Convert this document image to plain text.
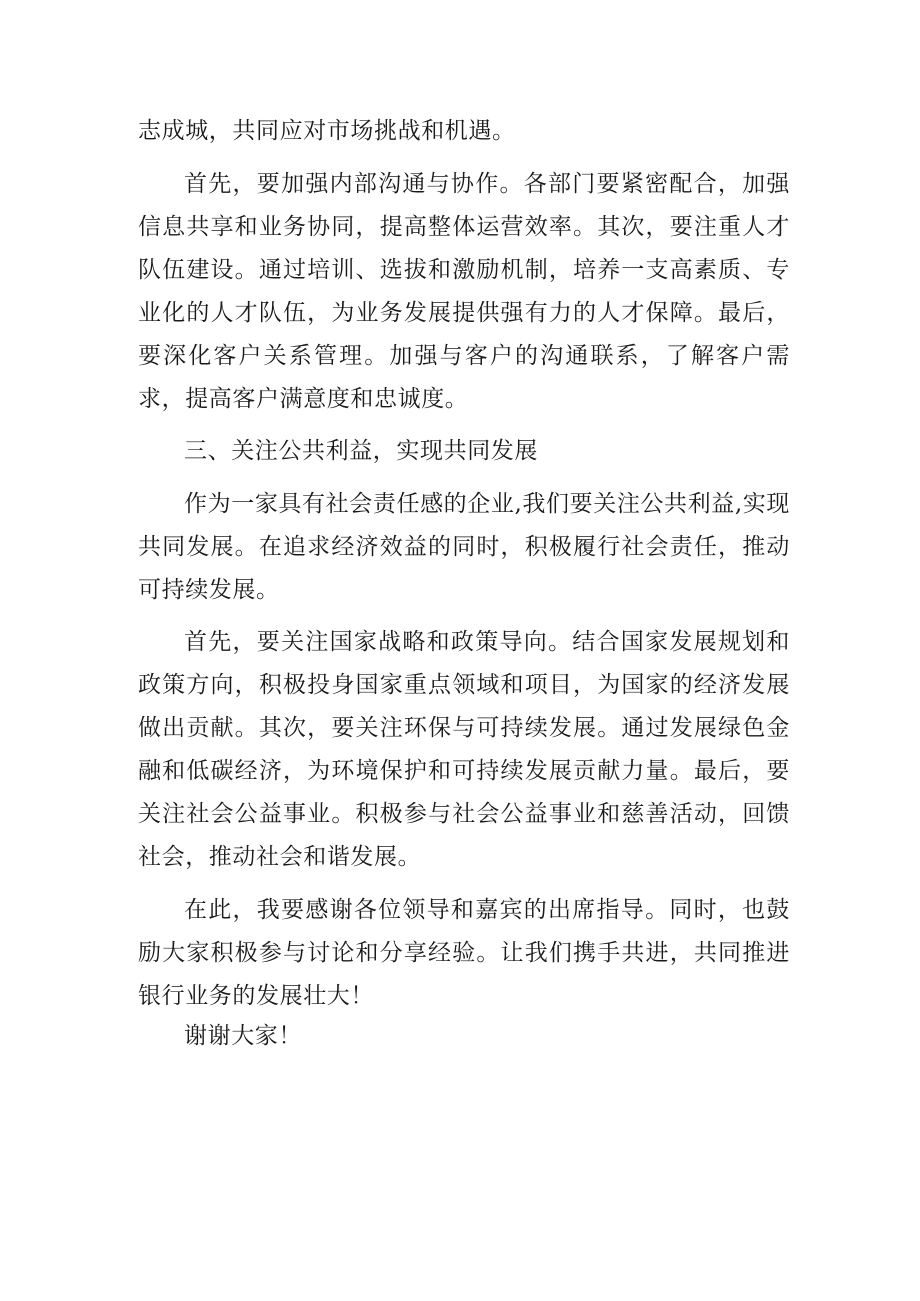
志成城，共同应对市场挑战和机遇。

首先，要加强内部沟通与协作。各部门要紧密配合，加强信息共享和业务协同，提高整体运营效率。其次，要注重人才队伍建设。通过培训、选拔和激励机制，培养一支高素质、专业化的人才队伍，为业务发展提供强有力的人才保障。最后，要深化客户关系管理。加强与客户的沟通联系，了解客户需求，提高客户满意度和忠诚度。

三、关注公共利益，实现共同发展

作为一家具有社会责任感的企业,我们要关注公共利益,实现共同发展。在追求经济效益的同时，积极履行社会责任，推动可持续发展。

首先，要关注国家战略和政策导向。结合国家发展规划和政策方向，积极投身国家重点领域和项目，为国家的经济发展做出贡献。其次，要关注环保与可持续发展。通过发展绿色金融和低碳经济，为环境保护和可持续发展贡献力量。最后，要关注社会公益事业。积极参与社会公益事业和慈善活动，回馈社会，推动社会和谐发展。

在此，我要感谢各位领导和嘉宾的出席指导。同时，也鼓励大家积极参与讨论和分享经验。让我们携手共进，共同推进银行业务的发展壮大！

谢谢大家！
